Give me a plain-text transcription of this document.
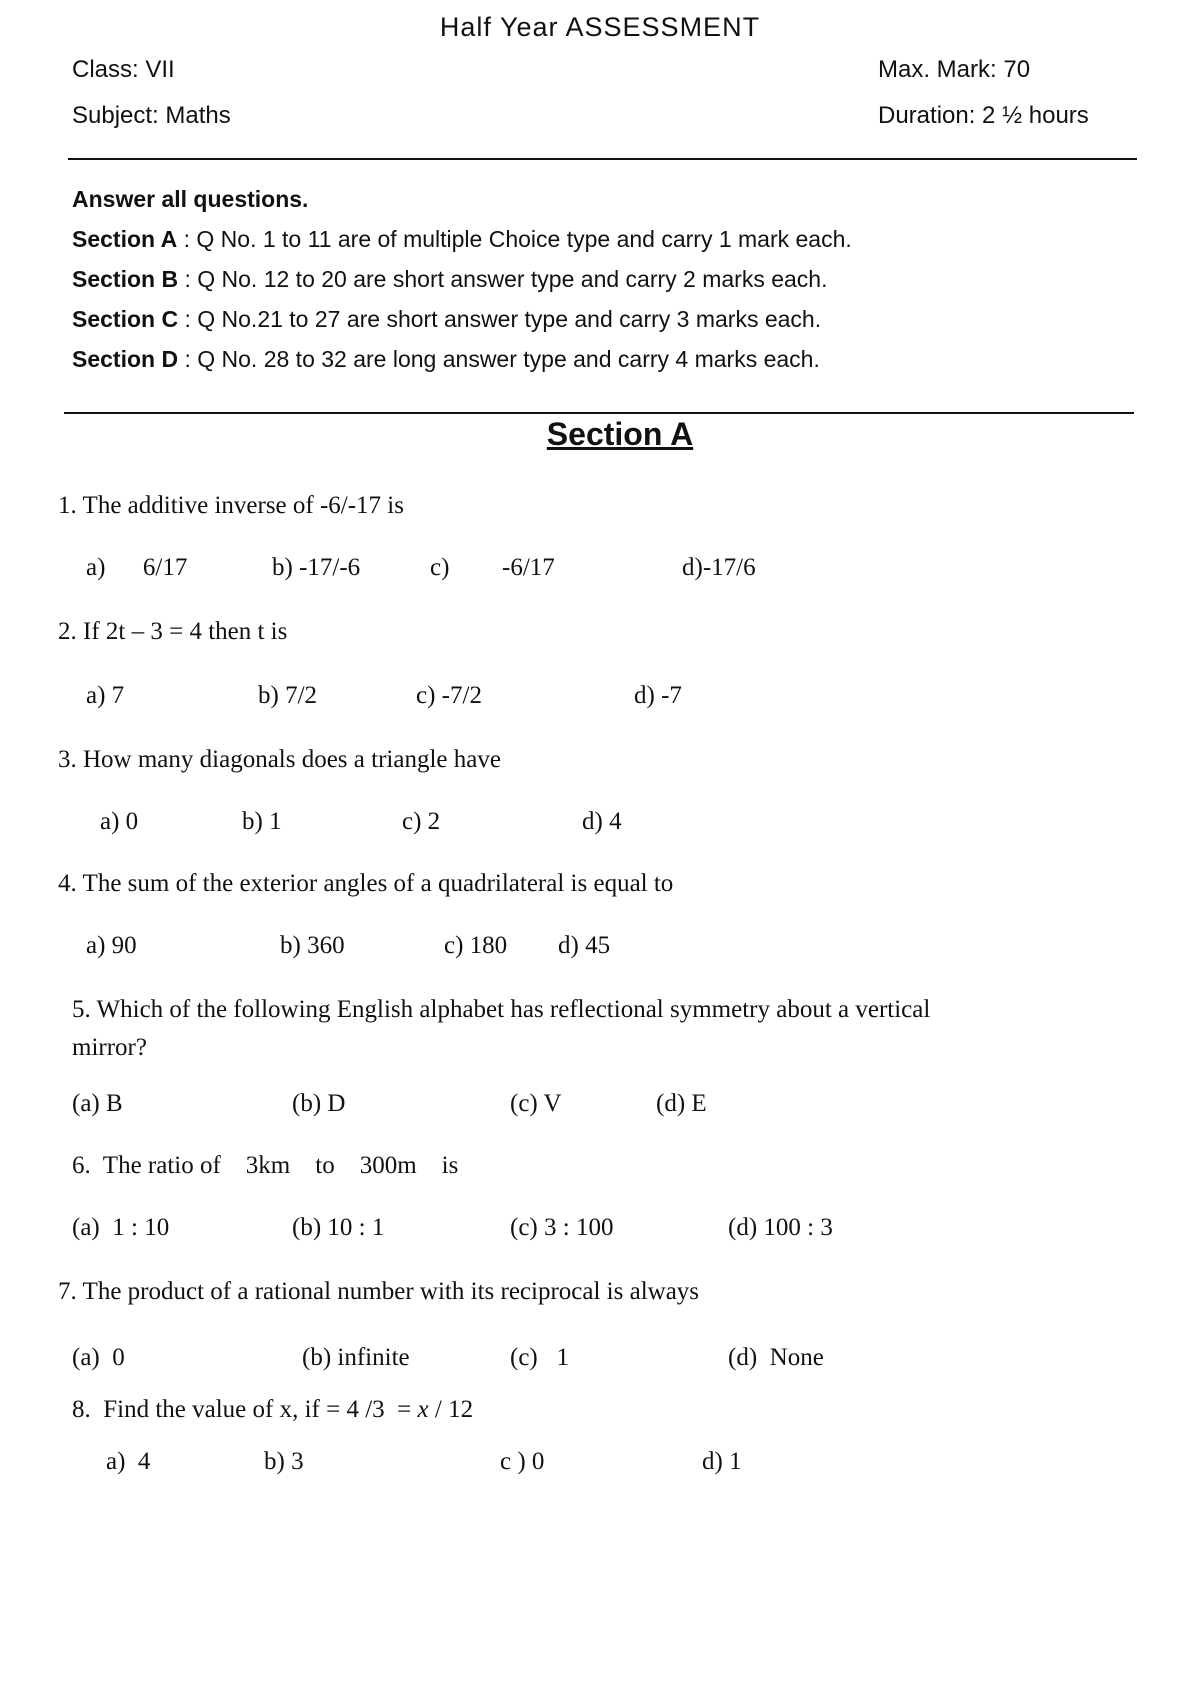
Half Year ASSESSMENT
Class: VII	Max. Mark: 70
Subject: Maths	Duration: 2 ½ hours
Answer all questions.
Section A : Q No. 1 to 11 are of multiple Choice type and carry 1 mark each.
Section B : Q No. 12 to 20 are short answer type and carry 2 marks each.
Section C : Q No.21 to 27 are short answer type and carry 3 marks each.
Section D : Q No. 28 to 32 are long answer type and carry 4 marks each.
Section A
1. The additive inverse of -6/-17 is
a)      6/17	b) -17/-6	c) -6/17	d)-17/6
2. If 2t – 3 = 4 then t is
a) 7	b) 7/2	c) -7/2	d) -7
3. How many diagonals does a triangle have
a) 0	b) 1	c) 2	d) 4
4. The sum of the exterior angles of a quadrilateral is equal to
a) 90	b) 360	c) 180 d) 45
5. Which of the following English alphabet has reflectional symmetry about a vertical
mirror?
(a) B	(b) D	(c) V	(d) E
6.  The ratio of    3km    to    300m    is
(a)  1 : 10	(b) 10 : 1	(c) 3 : 100	(d) 100 : 3
7. The product of a rational number with its reciprocal is always
(a)  0	(b) infinite	(c)   1	(d)  None
8.  Find the value of x, if = 4 /3  = x / 12
a)  4	b) 3	c ) 0	d) 1
